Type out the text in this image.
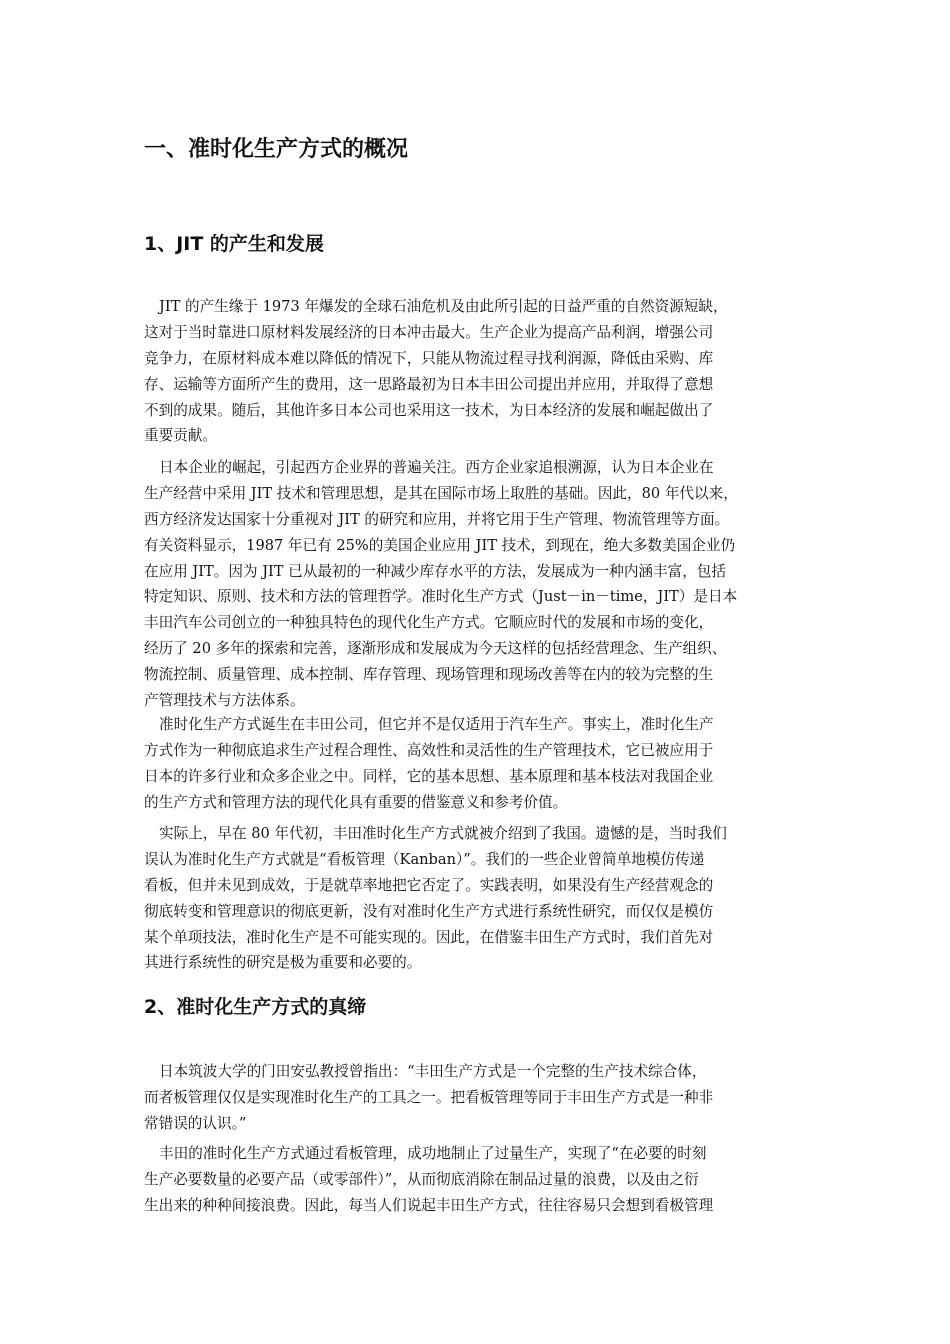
一、准时化生产方式的概况
1、JIT 的产生和发展
JIT 的产生缘于 1973 年爆发的全球石油危机及由此所引起的日益严重的自然资源短缺，
这对于当时靠进口原材料发展经济的日本冲击最大。生产企业为提高产品利润，增强公司
竞争力，在原材料成本难以降低的情况下，只能从物流过程寻找利润源，降低由采购、库
存、运输等方面所产生的费用，这一思路最初为日本丰田公司提出并应用，并取得了意想
不到的成果。随后，其他许多日本公司也采用这一技术，为日本经济的发展和崛起做出了
重要贡献。
日本企业的崛起，引起西方企业界的普遍关注。西方企业家追根溯源，认为日本企业在
生产经营中采用 JIT 技术和管理思想，是其在国际市场上取胜的基础。因此，80 年代以来，
西方经济发达国家十分重视对 JIT 的研究和应用，并将它用于生产管理、物流管理等方面。
有关资料显示，1987 年已有 25%的美国企业应用 JIT 技术，到现在，绝大多数美国企业仍
在应用 JIT。因为 JIT 已从最初的一种减少库存水平的方法，发展成为一种内涵丰富，包括
特定知识、原则、技术和方法的管理哲学。准时化生产方式（Just－in－time，JIT）是日本
丰田汽车公司创立的一种独具特色的现代化生产方式。它顺应时代的发展和市场的变化，
经历了 20 多年的探索和完善，逐渐形成和发展成为今天这样的包括经营理念、生产组织、
物流控制、质量管理、成本控制、库存管理、现场管理和现场改善等在内的较为完整的生
产管理技术与方法体系。
准时化生产方式诞生在丰田公司，但它并不是仅适用于汽车生产。事实上，准时化生产
方式作为一种彻底追求生产过程合理性、高效性和灵活性的生产管理技术，它已被应用于
日本的许多行业和众多企业之中。同样，它的基本思想、基本原理和基本枝法对我国企业
的生产方式和管理方法的现代化具有重要的借鉴意义和参考价值。
实际上，早在 80 年代初，丰田准时化生产方式就被介绍到了我国。遗憾的是，当时我们
误认为准时化生产方式就是“看板管理（Kanban）”。我们的一些企业曾简单地模仿传递
看板，但并未见到成效，于是就草率地把它否定了。实践表明，如果没有生产经营观念的
彻底转变和管理意识的彻底更新，没有对准时化生产方式进行系统性研究，而仅仅是模仿
某个单项技法，准时化生产是不可能实现的。因此，在借鉴丰田生产方式时，我们首先对
其进行系统性的研究是极为重要和必要的。
2、准时化生产方式的真缔
日本筑波大学的门田安弘教授曾指出：“丰田生产方式是一个完整的生产技术综合体，
而者板管理仅仅是实现准时化生产的工具之一。把看板管理等同于丰田生产方式是一种非
常错误的认识。”
丰田的准时化生产方式通过看板管理，成功地制止了过量生产，实现了“在必要的时刻
生产必要数量的必要产品（或零部件）”，从而彻底消除在制品过量的浪费，以及由之衍
生出来的种种间接浪费。因此，每当人们说起丰田生产方式，往往容易只会想到看极管理
